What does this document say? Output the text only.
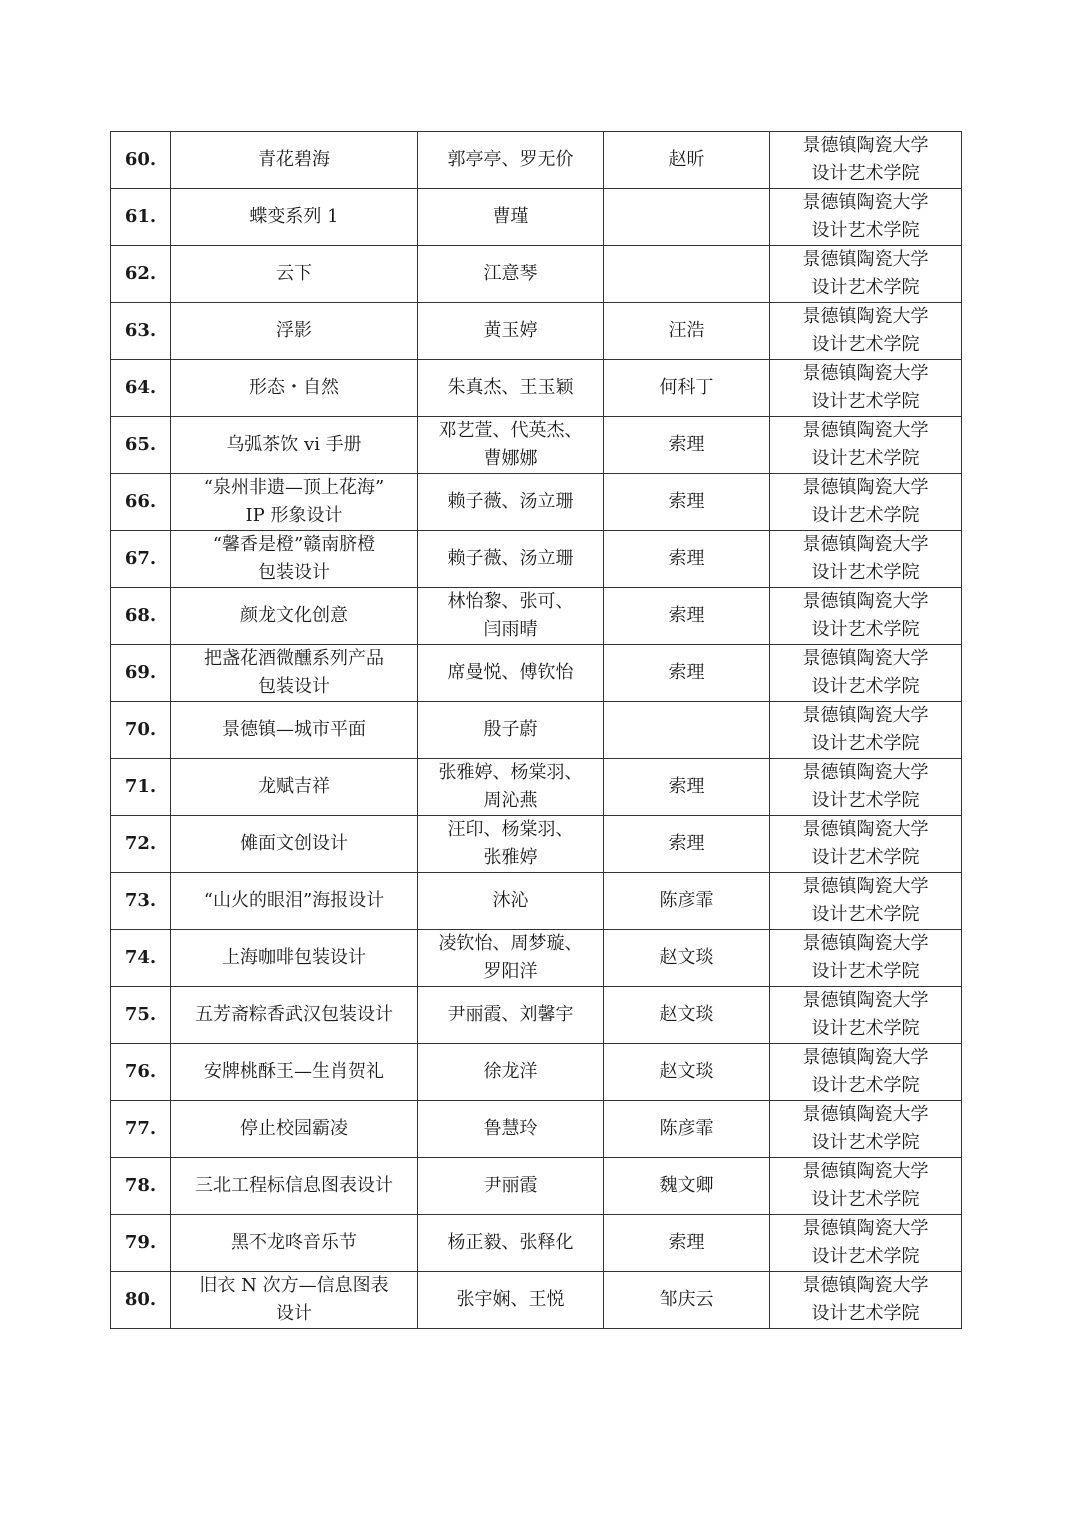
60.	青花碧海	郭亭亭、罗无价	赵昕	景德镇陶瓷大学
设计艺术学院

61.	蝶变系列 1	曹瑾		景德镇陶瓷大学
设计艺术学院

62.	云下	江意琴		景德镇陶瓷大学
设计艺术学院

63.	浮影	黄玉婷	汪浩	景德镇陶瓷大学
设计艺术学院

64.	形态・自然	朱真杰、王玉颖	何科丁	景德镇陶瓷大学
设计艺术学院

65.	乌弧茶饮 vi 手册	邓艺萱、代英杰、
曹娜娜	索理	景德镇陶瓷大学
设计艺术学院

66.	“泉州非遗—顶上花海”
IP 形象设计	赖子薇、汤立珊	索理	景德镇陶瓷大学
设计艺术学院

67.	“馨香是橙”赣南脐橙
包装设计	赖子薇、汤立珊	索理	景德镇陶瓷大学
设计艺术学院

68.	颜龙文化创意	林怡黎、张可、
闫雨晴	索理	景德镇陶瓷大学
设计艺术学院

69.	把盏花酒微醺系列产品
包装设计	席曼悦、傅钦怡	索理	景德镇陶瓷大学
设计艺术学院

70.	景德镇—城市平面	殷子蔚		景德镇陶瓷大学
设计艺术学院

71.	龙赋吉祥	张雅婷、杨棠羽、
周沁燕	索理	景德镇陶瓷大学
设计艺术学院

72.	傩面文创设计	汪印、杨棠羽、
张雅婷	索理	景德镇陶瓷大学
设计艺术学院

73.	“山火的眼泪”海报设计	沐沁	陈彦霏	景德镇陶瓷大学
设计艺术学院

74.	上海咖啡包装设计	凌钦怡、周梦璇、
罗阳洋	赵文琰	景德镇陶瓷大学
设计艺术学院

75.	五芳斋粽香武汉包装设计	尹丽霞、刘馨宇	赵文琰	景德镇陶瓷大学
设计艺术学院

76.	安牌桃酥王—生肖贺礼	徐龙洋	赵文琰	景德镇陶瓷大学
设计艺术学院

77.	停止校园霸凌	鲁慧玲	陈彦霏	景德镇陶瓷大学
设计艺术学院

78.	三北工程标信息图表设计	尹丽霞	魏文卿	景德镇陶瓷大学
设计艺术学院

79.	黑不龙咚音乐节	杨正毅、张释化	索理	景德镇陶瓷大学
设计艺术学院

80.	旧衣 N 次方—信息图表
设计	张宇娴、王悦	邹庆云	景德镇陶瓷大学
设计艺术学院
